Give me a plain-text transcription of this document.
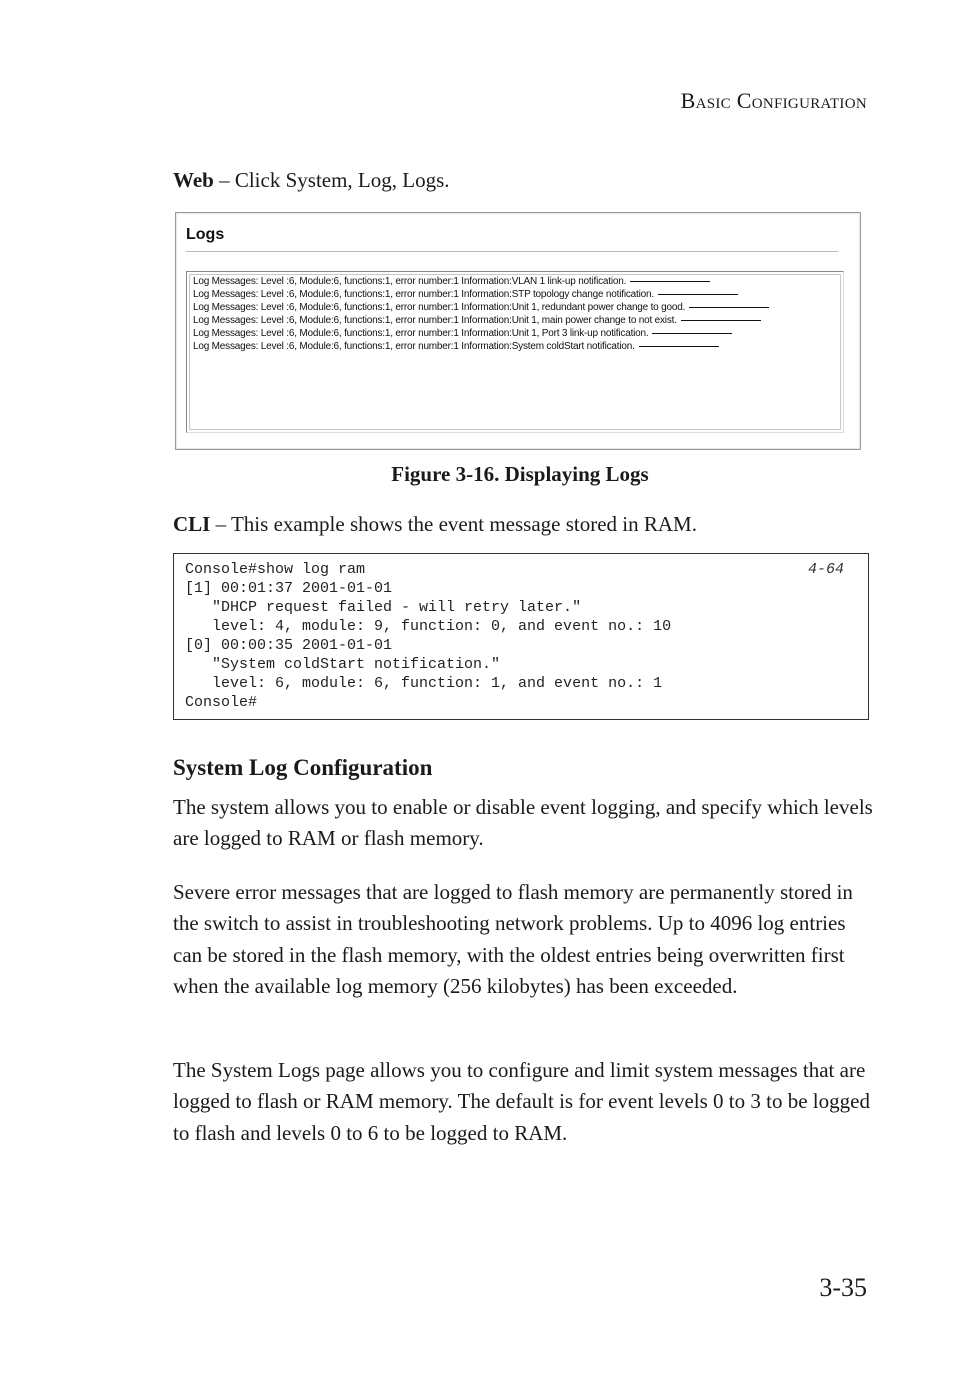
Basic Configuration
Web – Click System, Log, Logs.
Logs
Log Messages: Level :6, Module:6, functions:1, error number:1 Information:VLAN 1 link-up notification.
Log Messages: Level :6, Module:6, functions:1, error number:1 Information:STP topology change notification.
Log Messages: Level :6, Module:6, functions:1, error number:1 Information:Unit 1, redundant power change to good.
Log Messages: Level :6, Module:6, functions:1, error number:1 Information:Unit 1, main power change to not exist.
Log Messages: Level :6, Module:6, functions:1, error number:1 Information:Unit 1, Port 3 link-up notification.
Log Messages: Level :6, Module:6, functions:1, error number:1 Information:System coldStart notification.
Figure 3-16. Displaying Logs
CLI – This example shows the event message stored in RAM.
Console#show log ram	4-64
[1] 00:01:37 2001-01-01
"DHCP request failed - will retry later."
level: 4, module: 9, function: 0, and event no.: 10
[0] 00:00:35 2001-01-01
"System coldStart notification."
level: 6, module: 6, function: 1, and event no.: 1
Console#
System Log Configuration
The system allows you to enable or disable event logging, and specify which levels are logged to RAM or flash memory.
Severe error messages that are logged to flash memory are permanently stored in the switch to assist in troubleshooting network problems. Up to 4096 log entries can be stored in the flash memory, with the oldest entries being overwritten first when the available log memory (256 kilobytes) has been exceeded.
The System Logs page allows you to configure and limit system messages that are logged to flash or RAM memory. The default is for event levels 0 to 3 to be logged to flash and levels 0 to 6 to be logged to RAM.
3-35
